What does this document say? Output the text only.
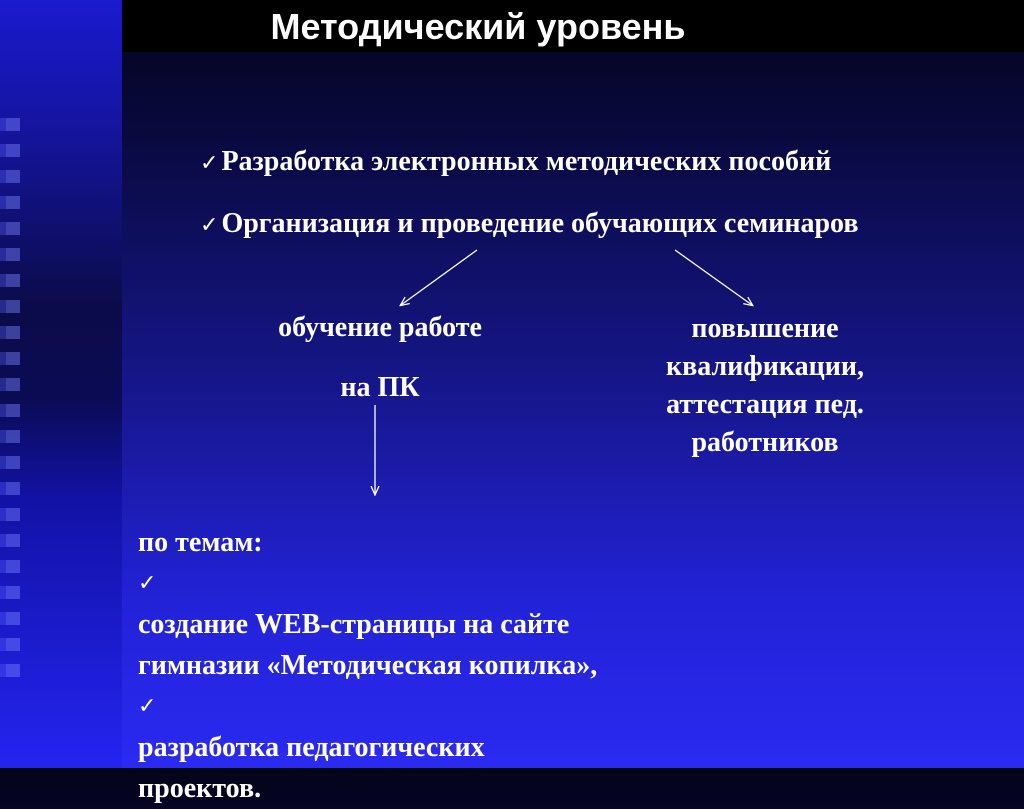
Методический уровень
✓ Разработка электронных методических пособий
✓ Организация и проведение обучающих семинаров
обучение работе
на ПК
повышение
квалификации,
аттестация пед.
работников
по темам:
✓
создание WEB-страницы на сайте
гимназии «Методическая копилка»,
✓
разработка педагогических
проектов.
